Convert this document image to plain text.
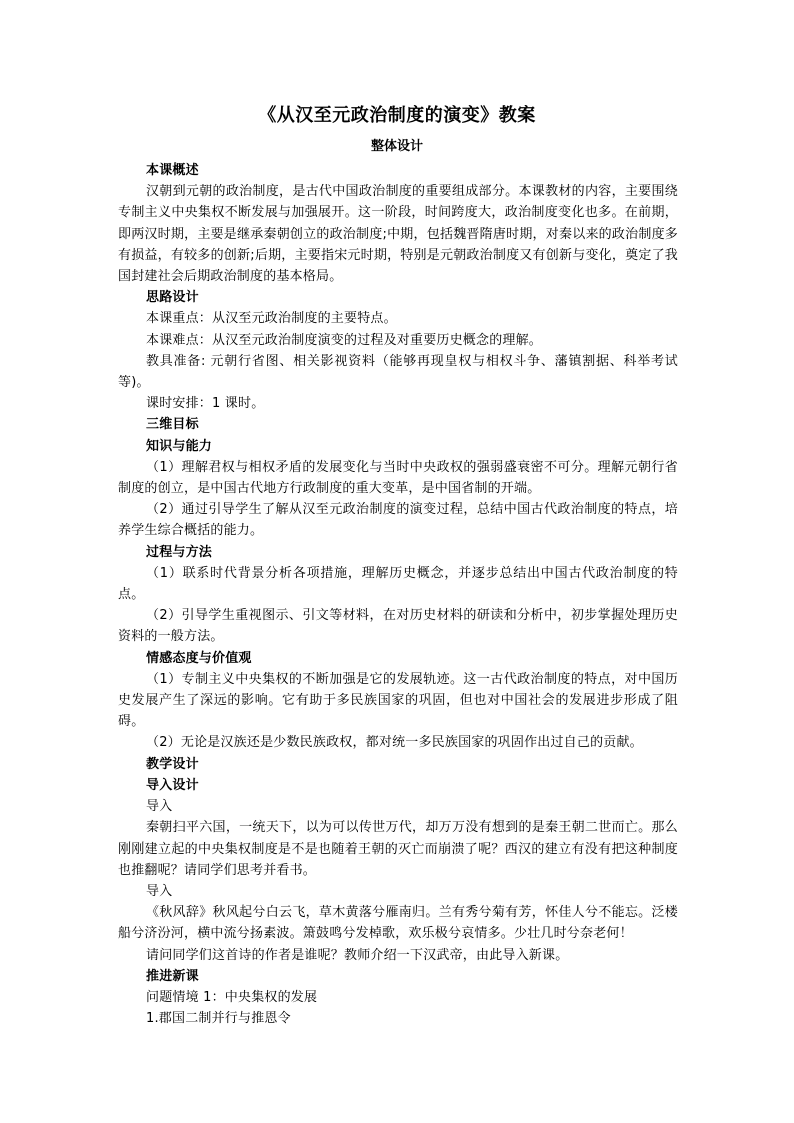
《从汉至元政治制度的演变》教案
整体设计

本课概述

汉朝到元朝的政治制度，是古代中国政治制度的重要组成部分。本课教材的内容，主要围绕专制主义中央集权不断发展与加强展开。这一阶段，时间跨度大，政治制度变化也多。在前期，即两汉时期，主要是继承秦朝创立的政治制度;中期，包括魏晋隋唐时期，对秦以来的政治制度多有损益，有较多的创新;后期，主要指宋元时期，特别是元朝政治制度又有创新与变化，奠定了我国封建社会后期政治制度的基本格局。

思路设计

本课重点：从汉至元政治制度的主要特点。

本课难点：从汉至元政治制度演变的过程及对重要历史概念的理解。

教具准备: 元朝行省图、相关影视资料（能够再现皇权与相权斗争、藩镇割据、科举考试等)。

课时安排：1 课时。

三维目标

知识与能力

（1）理解君权与相权矛盾的发展变化与当时中央政权的强弱盛衰密不可分。理解元朝行省制度的创立，是中国古代地方行政制度的重大变革，是中国省制的开端。

（2）通过引导学生了解从汉至元政治制度的演变过程，总结中国古代政治制度的特点，培养学生综合概括的能力。

过程与方法

（1）联系时代背景分析各项措施，理解历史概念，并逐步总结出中国古代政治制度的特点。

（2）引导学生重视图示、引文等材料，在对历史材料的研读和分析中，初步掌握处理历史资料的一般方法。

情感态度与价值观

（1）专制主义中央集权的不断加强是它的发展轨迹。这一古代政治制度的特点，对中国历史发展产生了深远的影响。它有助于多民族国家的巩固，但也对中国社会的发展进步形成了阻碍。

（2）无论是汉族还是少数民族政权，都对统一多民族国家的巩固作出过自己的贡献。

教学设计

导入设计

导入

秦朝扫平六国，一统天下，以为可以传世万代，却万万没有想到的是秦王朝二世而亡。那么刚刚建立起的中央集权制度是不是也随着王朝的灭亡而崩溃了呢？西汉的建立有没有把这种制度也推翻呢？请同学们思考并看书。

导入

《秋风辞》秋风起兮白云飞，草木黄落兮雁南归。兰有秀兮菊有芳，怀佳人兮不能忘。泛楼船兮济汾河，横中流兮扬素波。箫鼓鸣兮发棹歌，欢乐极兮哀情多。少壮几时兮奈老何！

请问同学们这首诗的作者是谁呢？教师介绍一下汉武帝，由此导入新课。

推进新课

问题情境 1：中央集权的发展

1.郡国二制并行与推恩令
